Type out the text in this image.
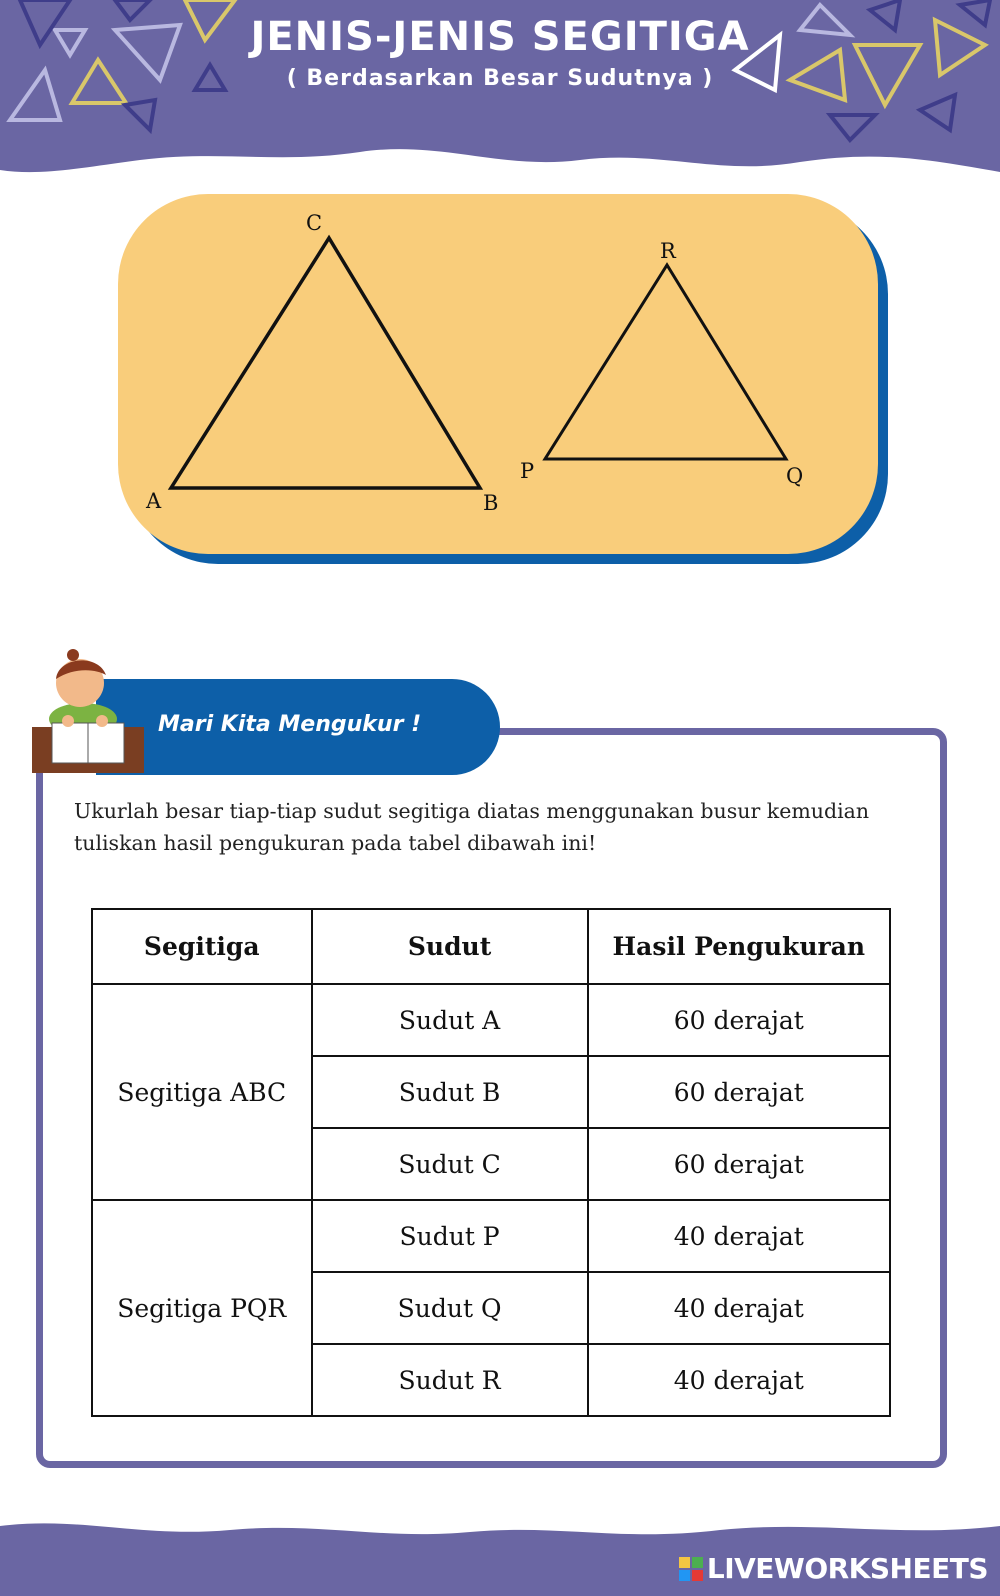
JENIS-JENIS SEGITIGA
( Berdasarkan Besar Sudutnya )
A	B
C
P	Q
R
Mari Kita Mengukur !
Ukurlah besar tiap-tiap sudut segitiga diatas menggunakan busur kemudian tuliskan hasil pengukuran pada tabel dibawah ini!
Segitiga	Sudut	Hasil Pengukuran
Segitiga ABC	Sudut A	60 derajat
	Sudut B	60 derajat
	Sudut C	60 derajat
Segitiga PQR	Sudut P	40 derajat
	Sudut Q	40 derajat
	Sudut R	40 derajat
LIVEWORKSHEETS
